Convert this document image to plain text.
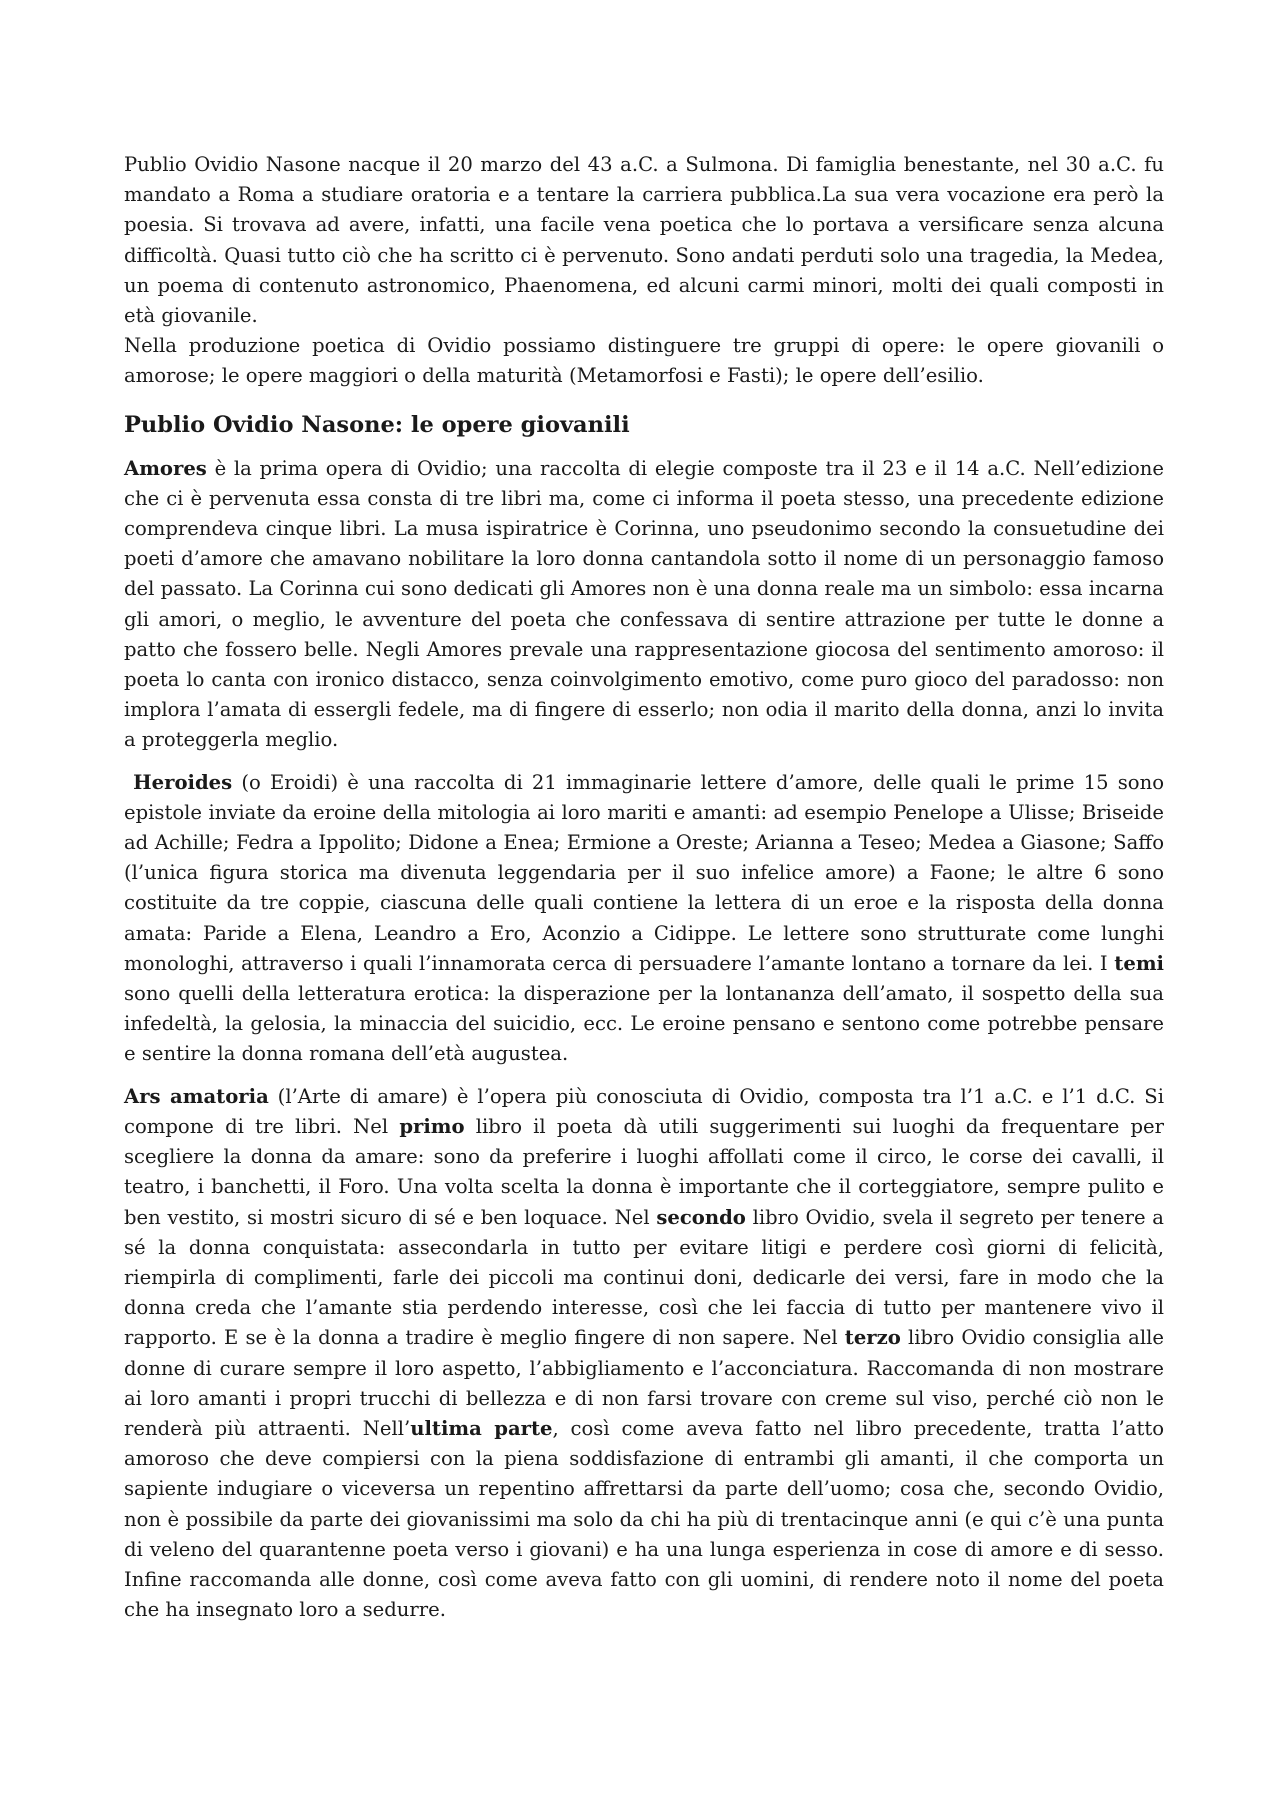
Publio Ovidio Nasone nacque il 20 marzo del 43 a.C. a Sulmona. Di famiglia benestante, nel 30 a.C. fu mandato a Roma a studiare oratoria e a tentare la carriera pubblica.La sua vera vocazione era però la poesia. Si trovava ad avere, infatti, una facile vena poetica che lo portava a versificare senza alcuna difficoltà. Quasi tutto ciò che ha scritto ci è pervenuto. Sono andati perduti solo una tragedia, la Medea, un poema di contenuto astronomico, Phaenomena, ed alcuni carmi minori, molti dei quali composti in età giovanile.
Nella produzione poetica di Ovidio possiamo distinguere tre gruppi di opere: le opere giovanili o amorose; le opere maggiori o della maturità (Metamorfosi e Fasti); le opere dell’esilio.

Publio Ovidio Nasone: le opere giovanili

Amores è la prima opera di Ovidio; una raccolta di elegie composte tra il 23 e il 14 a.C. Nell’edizione che ci è pervenuta essa consta di tre libri ma, come ci informa il poeta stesso, una precedente edizione comprendeva cinque libri. La musa ispiratrice è Corinna, uno pseudonimo secondo la consuetudine dei poeti d’amore che amavano nobilitare la loro donna cantandola sotto il nome di un personaggio famoso del passato. La Corinna cui sono dedicati gli Amores non è una donna reale ma un simbolo: essa incarna gli amori, o meglio, le avventure del poeta che confessava di sentire attrazione per tutte le donne a patto che fossero belle. Negli Amores prevale una rappresentazione giocosa del sentimento amoroso: il poeta lo canta con ironico distacco, senza coinvolgimento emotivo, come puro gioco del paradosso: non implora l’amata di essergli fedele, ma di fingere di esserlo; non odia il marito della donna, anzi lo invita a proteggerla meglio.

Heroides (o Eroidi) è una raccolta di 21 immaginarie lettere d’amore, delle quali le prime 15 sono epistole inviate da eroine della mitologia ai loro mariti e amanti: ad esempio Penelope a Ulisse; Briseide ad Achille; Fedra a Ippolito; Didone a Enea; Ermione a Oreste; Arianna a Teseo; Medea a Giasone; Saffo (l’unica figura storica ma divenuta leggendaria per il suo infelice amore) a Faone; le altre 6 sono costituite da tre coppie, ciascuna delle quali contiene la lettera di un eroe e la risposta della donna amata: Paride a Elena, Leandro a Ero, Aconzio a Cidippe. Le lettere sono strutturate come lunghi monologhi, attraverso i quali l’innamorata cerca di persuadere l’amante lontano a tornare da lei. I temi sono quelli della letteratura erotica: la disperazione per la lontananza dell’amato, il sospetto della sua infedeltà, la gelosia, la minaccia del suicidio, ecc. Le eroine pensano e sentono come potrebbe pensare e sentire la donna romana dell’età augustea.

Ars amatoria (l’Arte di amare) è l’opera più conosciuta di Ovidio, composta tra l’1 a.C. e l’1 d.C. Si compone di tre libri. Nel primo libro il poeta dà utili suggerimenti sui luoghi da frequentare per scegliere la donna da amare: sono da preferire i luoghi affollati come il circo, le corse dei cavalli, il teatro, i banchetti, il Foro. Una volta scelta la donna è importante che il corteggiatore, sempre pulito e ben vestito, si mostri sicuro di sé e ben loquace. Nel secondo libro Ovidio, svela il segreto per tenere a sé la donna conquistata: assecondarla in tutto per evitare litigi e perdere così giorni di felicità, riempirla di complimenti, farle dei piccoli ma continui doni, dedicarle dei versi, fare in modo che la donna creda che l’amante stia perdendo interesse, così che lei faccia di tutto per mantenere vivo il rapporto. E se è la donna a tradire è meglio fingere di non sapere. Nel terzo libro Ovidio consiglia alle donne di curare sempre il loro aspetto, l’abbigliamento e l’acconciatura. Raccomanda di non mostrare ai loro amanti i propri trucchi di bellezza e di non farsi trovare con creme sul viso, perché ciò non le renderà più attraenti. Nell’ultima parte, così come aveva fatto nel libro precedente, tratta l’atto amoroso che deve compiersi con la piena soddisfazione di entrambi gli amanti, il che comporta un sapiente indugiare o viceversa un repentino affrettarsi da parte dell’uomo; cosa che, secondo Ovidio, non è possibile da parte dei giovanissimi ma solo da chi ha più di trentacinque anni (e qui c’è una punta di veleno del quarantenne poeta verso i giovani) e ha una lunga esperienza in cose di amore e di sesso. Infine raccomanda alle donne, così come aveva fatto con gli uomini, di rendere noto il nome del poeta che ha insegnato loro a sedurre.
